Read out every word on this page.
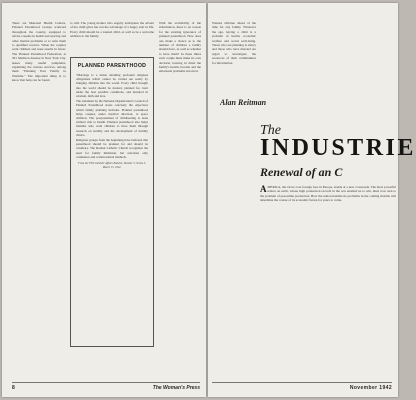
There are Maternal Health Centers, Planned Parenthood Groups scattered throughout the country, equipped to advise couples in health and spacing and other marital problems or to refer them to qualified sources. When the couples want children and none results in fewer. The Planned Parenthood Federation, at 501 Madison Avenue in New York City, issues many useful pamphlets, explaining the various services, among them "Planning Your Family in Wartime." The important thing is to know that help can be found.

to will. The young mother who eagerly anticipates the advent of her child gives her son the advantage of a happy start in life. Every child should be a wanted child, as well as be a welcome addition to the family.

PLANNED PARENTHOOD

"Marriage is a union entailing profound religious obligations which cannot be carried out solely by bringing children into the world. Every child brought into the world should be desired, planned for, born under the best possible conditions, and nurtured in wisdom, faith and love.

The statement by the National Organization's Council of Planned Parenthood states concisely the objectives which family planning includes. Planned parenthood helps couples, under medical direction, to space children. The postponement of childbearing is done without risk to health. Planned parenthood also helps families who want children to have them through research on sterility and the development of fertility clinics.

Religious groups from the beginning have believed that parenthood should be planned for and should be voluntary. The Roman Catholic Church recognizes the need for family limitation, but sanctions only continence and certain natural methods.

From the YWCA Public Affairs Bulletin, Number 3, Series 5, March 15, 1942.

With the availability of the information, there is no reason for the existing ignorance of planned parenthood. How does one make a choice as to the number of children a family should have, as well as whether to have them? In these times each couple must make its own decision, bearing in mind the family's health, income and the emotional problems involved.

8	The Woman's Press

Wanted children ahead of the time for any family. Whatever the age, having a child is a problem of health, economic welfare and social well-being. Those who are planning to marry and those who have married are urged to investigate the resources of their communities for information.

Alan Reitman
The
INDUSTRIE
Renewal of an C
A MERICA, the victor over foreign foes in Europe, stands at a new crossroads. The most powerful nation on earth, whose high production records in the war enabled us to win, must now turn to the problem of peacetime production. How the nation handles its problems in the coming months will determine the course of its economic future for years to come.

November 1942
